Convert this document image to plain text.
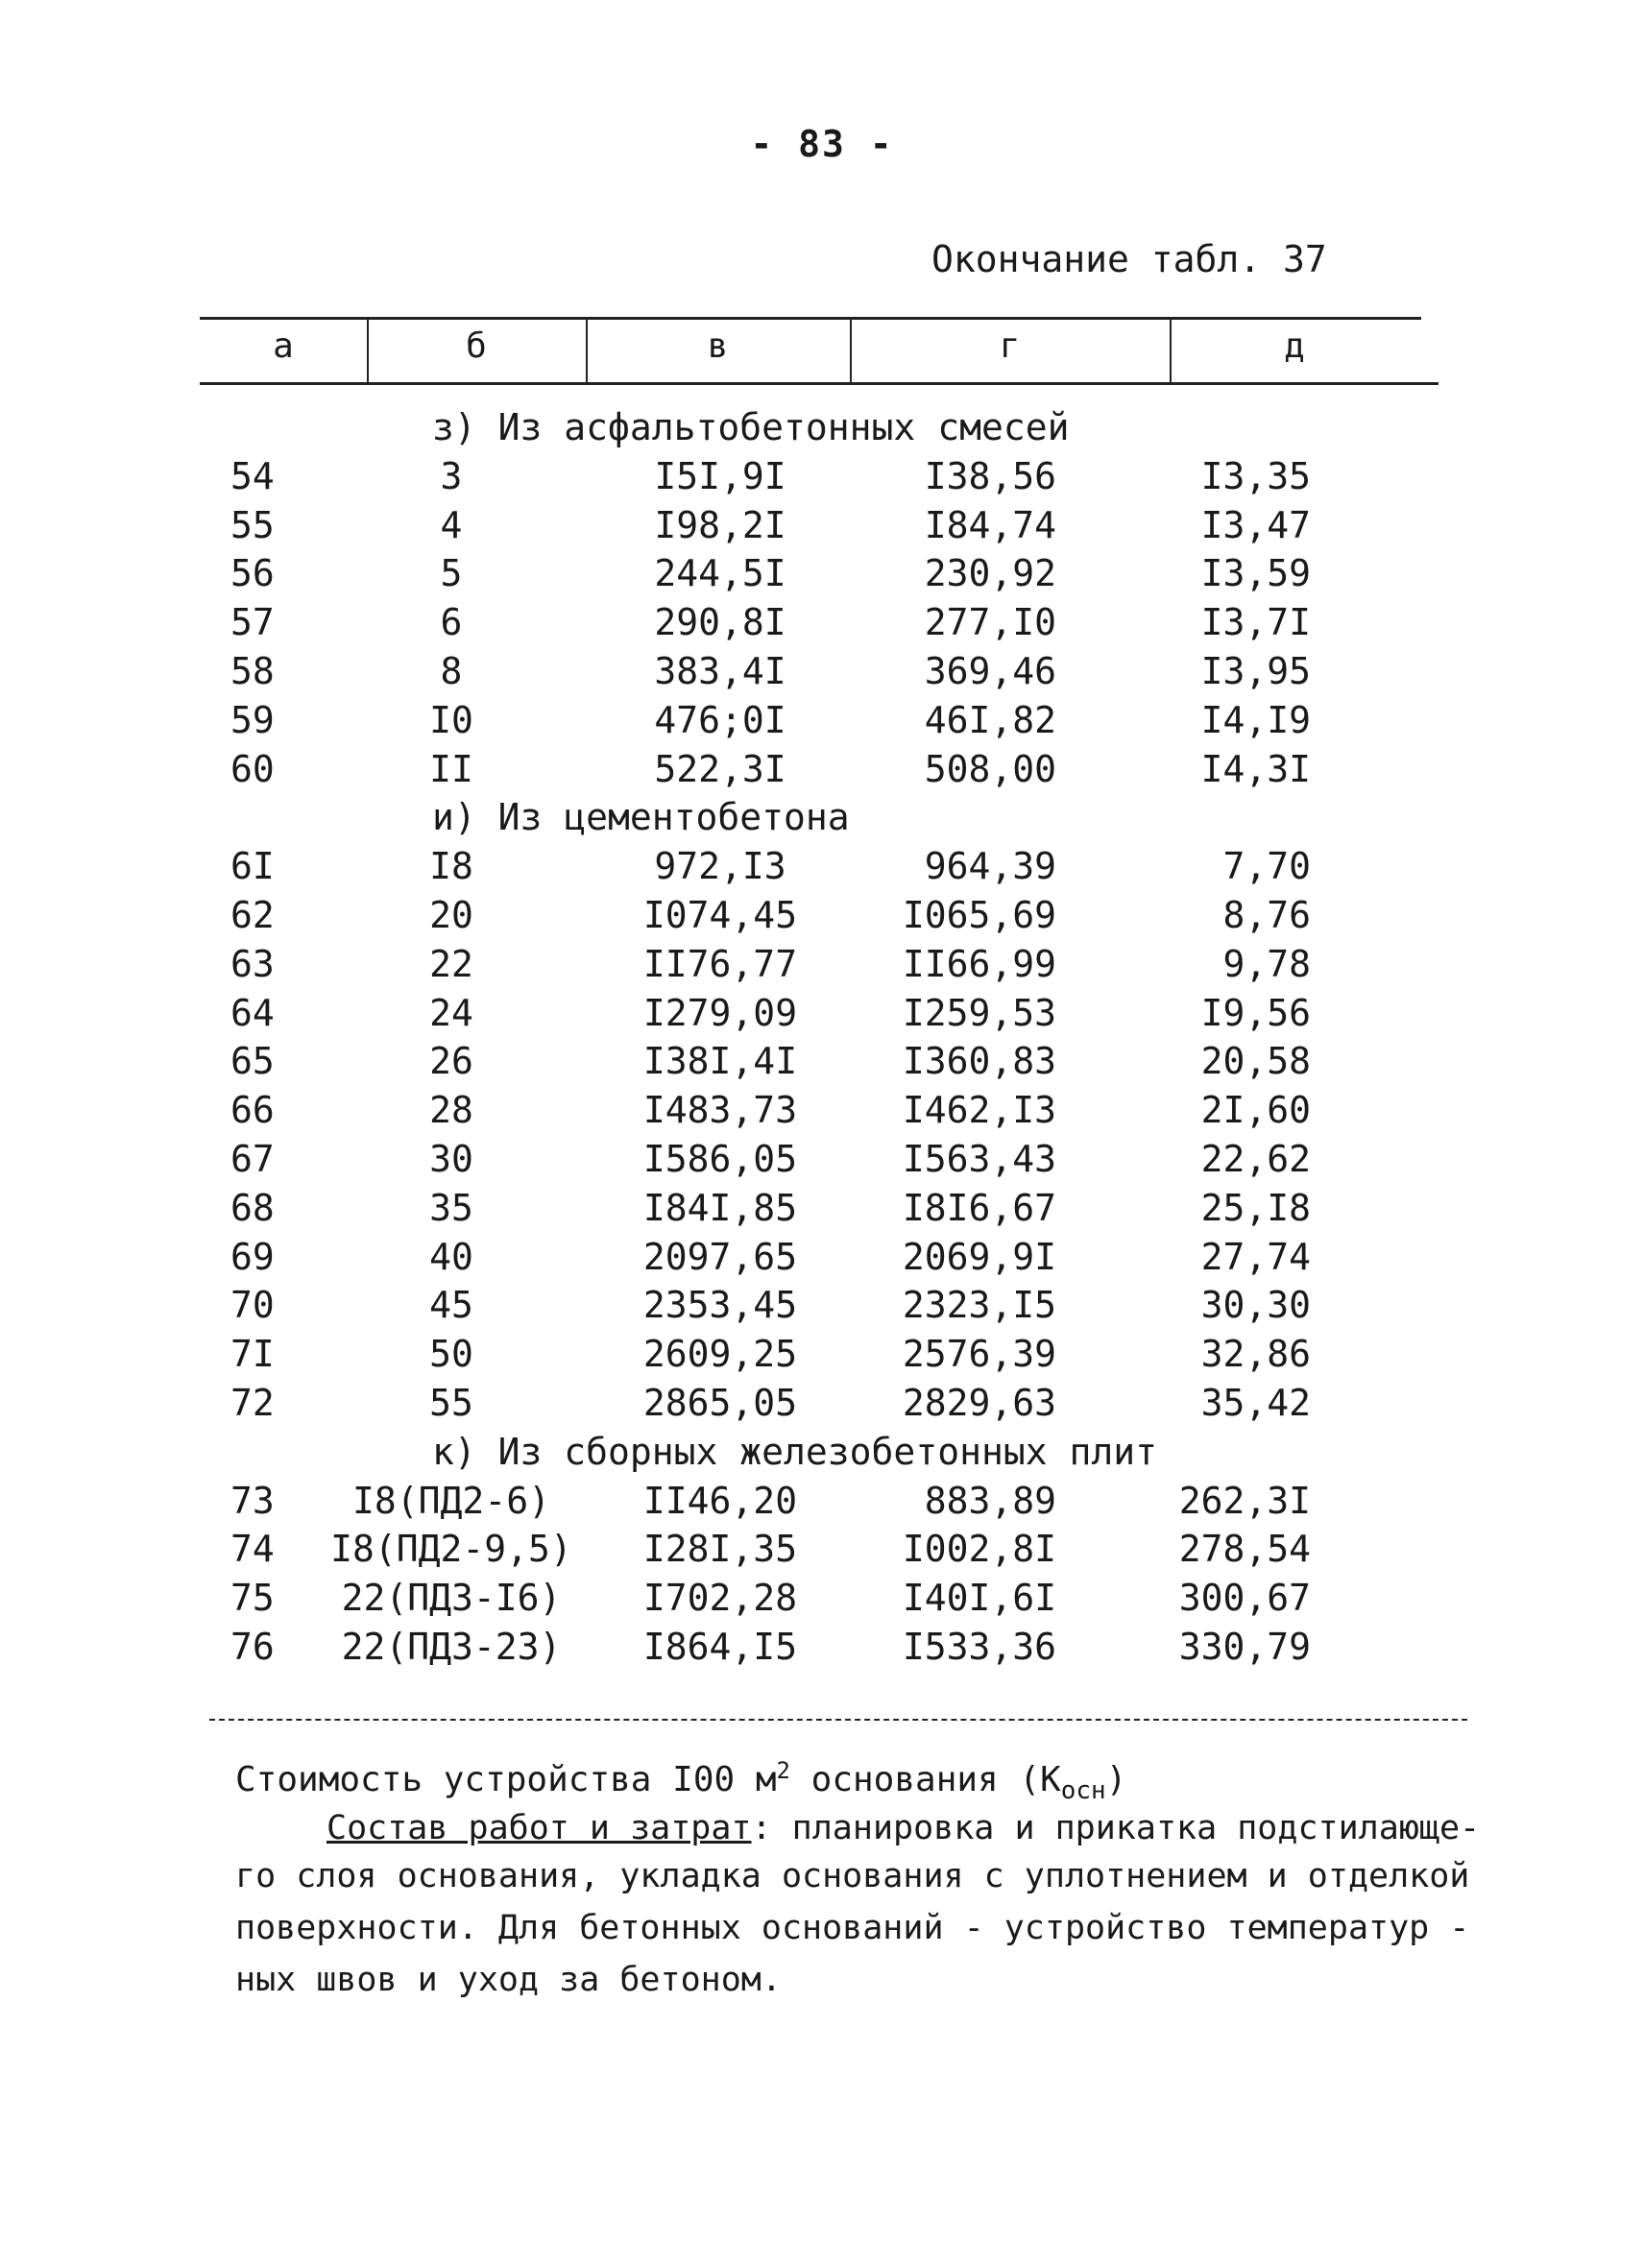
- 83 -
Окончание табл. 37
а	б	в	г	д
з) Из асфальтобетонных смесей
54	3	I5I,9I	I38,56	I3,35
55	4	I98,2I	I84,74	I3,47
56	5	244,5I	230,92	I3,59
57	6	290,8I	277,I0	I3,7I
58	8	383,4I	369,46	I3,95
59	I0	476;0I	46I,82	I4,I9
60	II	522,3I	508,00	I4,3I
и) Из цементобетона
6I	I8	972,I3	964,39	7,70
62	20	I074,45	I065,69	8,76
63	22	II76,77	II66,99	9,78
64	24	I279,09	I259,53	I9,56
65	26	I38I,4I	I360,83	20,58
66	28	I483,73	I462,I3	2I,60
67	30	I586,05	I563,43	22,62
68	35	I84I,85	I8I6,67	25,I8
69	40	2097,65	2069,9I	27,74
70	45	2353,45	2323,I5	30,30
7I	50	2609,25	2576,39	32,86
72	55	2865,05	2829,63	35,42
к) Из сборных железобетонных плит
73	I8(ПД2-6)	II46,20	883,89	262,3I
74	I8(ПД2-9,5)	I28I,35	I002,8I	278,54
75	22(ПД3-I6)	I702,28	I40I,6I	300,67
76	22(ПД3-23)	I864,I5	I533,36	330,79
Стоимость устройства I00 $м^2$ основания $(К_{осн})$
Состав работ и затрат: планировка и прикатка подстилающе-
го слоя основания, укладка основания с уплотнением и отделкой
поверхности. Для бетонных оснований - устройство температур -
ных швов и уход за бетоном.
